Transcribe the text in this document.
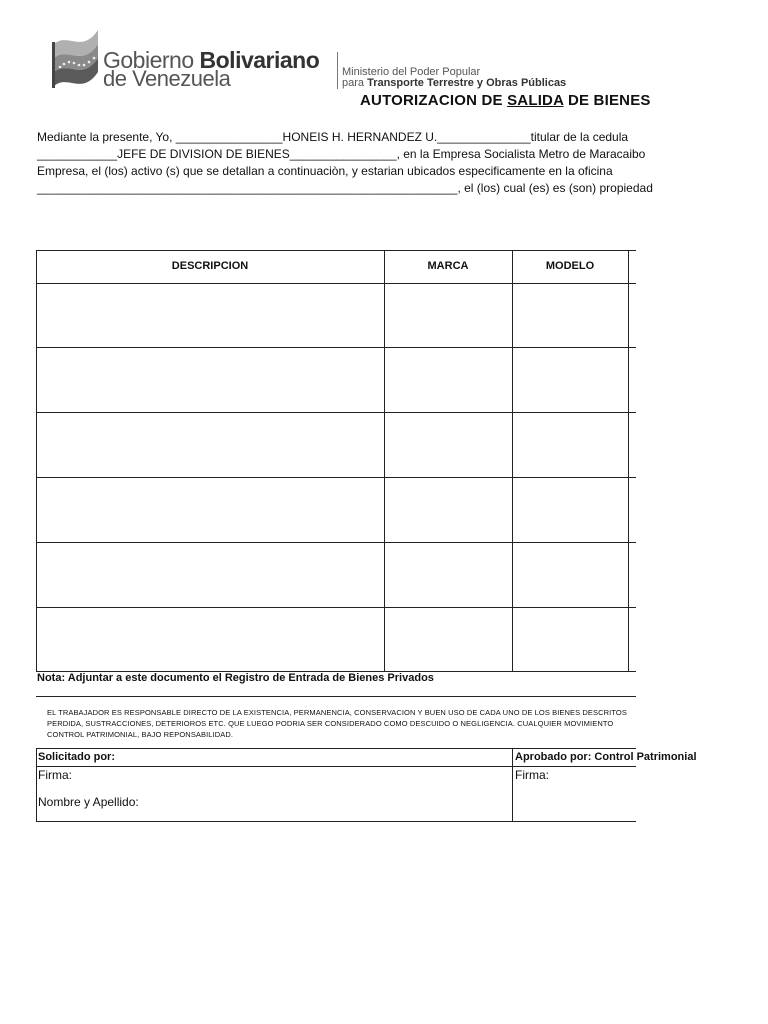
Gobierno Bolivariano
de Venezuela	Ministerio del Poder Popular
para Transporte Terrestre y Obras Públicas
AUTORIZACION DE SALIDA DE BIENES
Mediante la presente, Yo, ________________HONEIS H. HERNANDEZ U.______________titular de la cedula
____________JEFE DE DIVISION DE BIENES________________, en la Empresa Socialista Metro de Maracaibo
Empresa, el (los) activo (s) que se detallan a continuaciòn, y estarian ubicados especificamente en la oficina
_______________________________________________________________, el (los) cual (es) es (son) propiedad
DESCRIPCION	MARCA	MODELO
Nota: Adjuntar a este documento el Registro de Entrada de Bienes Privados
EL TRABAJADOR ES RESPONSABLE DIRECTO DE LA EXISTENCIA, PERMANENCIA, CONSERVACION Y BUEN USO DE CADA UNO DE LOS BIENES DESCRITOS
PERDIDA, SUSTRACCIONES, DETERIOROS ETC. QUE LUEGO PODRIA SER CONSIDERADO COMO DESCUIDO O NEGLIGENCIA. CUALQUIER MOVIMIENTO
CONTROL PATRIMONIAL, BAJO REPONSABILIDAD.
Solicitado por:	Aprobado por: Control Patrimonial
Firma:	Firma:
Nombre y Apellido:
